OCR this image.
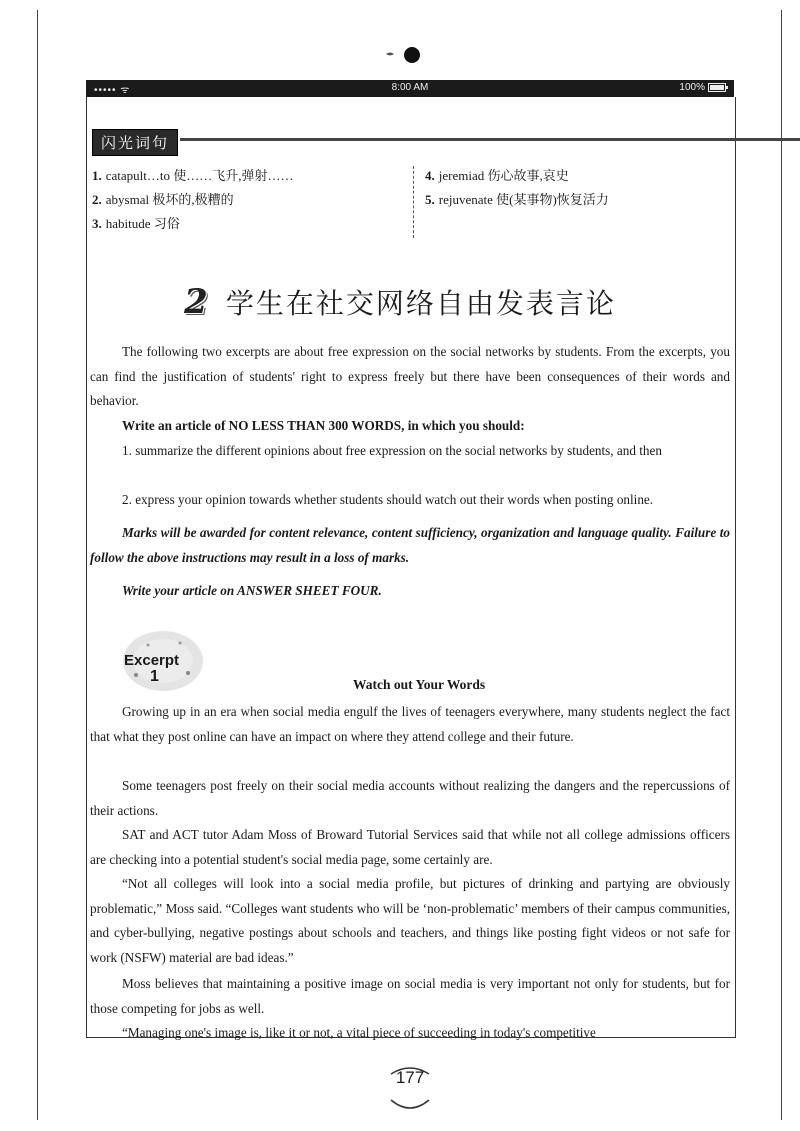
••••• ᯤ	8:00 AM	100%
闪光词句
1. catapult…to 使……飞升,弹射……
2. abysmal 极坏的,极糟的
3. habitude 习俗
4. jeremiad 伤心故事,哀史
5. rejuvenate 使(某事物)恢复活力
2 学生在社交网络自由发表言论

The following two excerpts are about free expression on the social networks by students. From the excerpts, you can find the justification of students' right to express freely but there have been consequences of their words and behavior.

Write an article of NO LESS THAN 300 WORDS, in which you should:

1. summarize the different opinions about free expression on the social networks by students, and then

2. express your opinion towards whether students should watch out their words when posting online.

Marks will be awarded for content relevance, content sufficiency, organization and language quality. Failure to follow the above instructions may result in a loss of marks.

Write your article on ANSWER SHEET FOUR.

Excerpt
1	Watch out Your Words

Growing up in an era when social media engulf the lives of teenagers everywhere, many students neglect the fact that what they post online can have an impact on where they attend college and their future.

Some teenagers post freely on their social media accounts without realizing the dangers and the repercussions of their actions.

SAT and ACT tutor Adam Moss of Broward Tutorial Services said that while not all college admissions officers are checking into a potential student's social media page, some certainly are.

“Not all colleges will look into a social media profile, but pictures of drinking and partying are obviously problematic,” Moss said. “Colleges want students who will be ‘non-problematic’ members of their campus communities, and cyber-bullying, negative postings about schools and teachers, and things like posting fight videos or not safe for work (NSFW) material are bad ideas.”

Moss believes that maintaining a positive image on social media is very important not only for students, but for those competing for jobs as well.

“Managing one's image is, like it or not, a vital piece of succeeding in today's competitive

177
